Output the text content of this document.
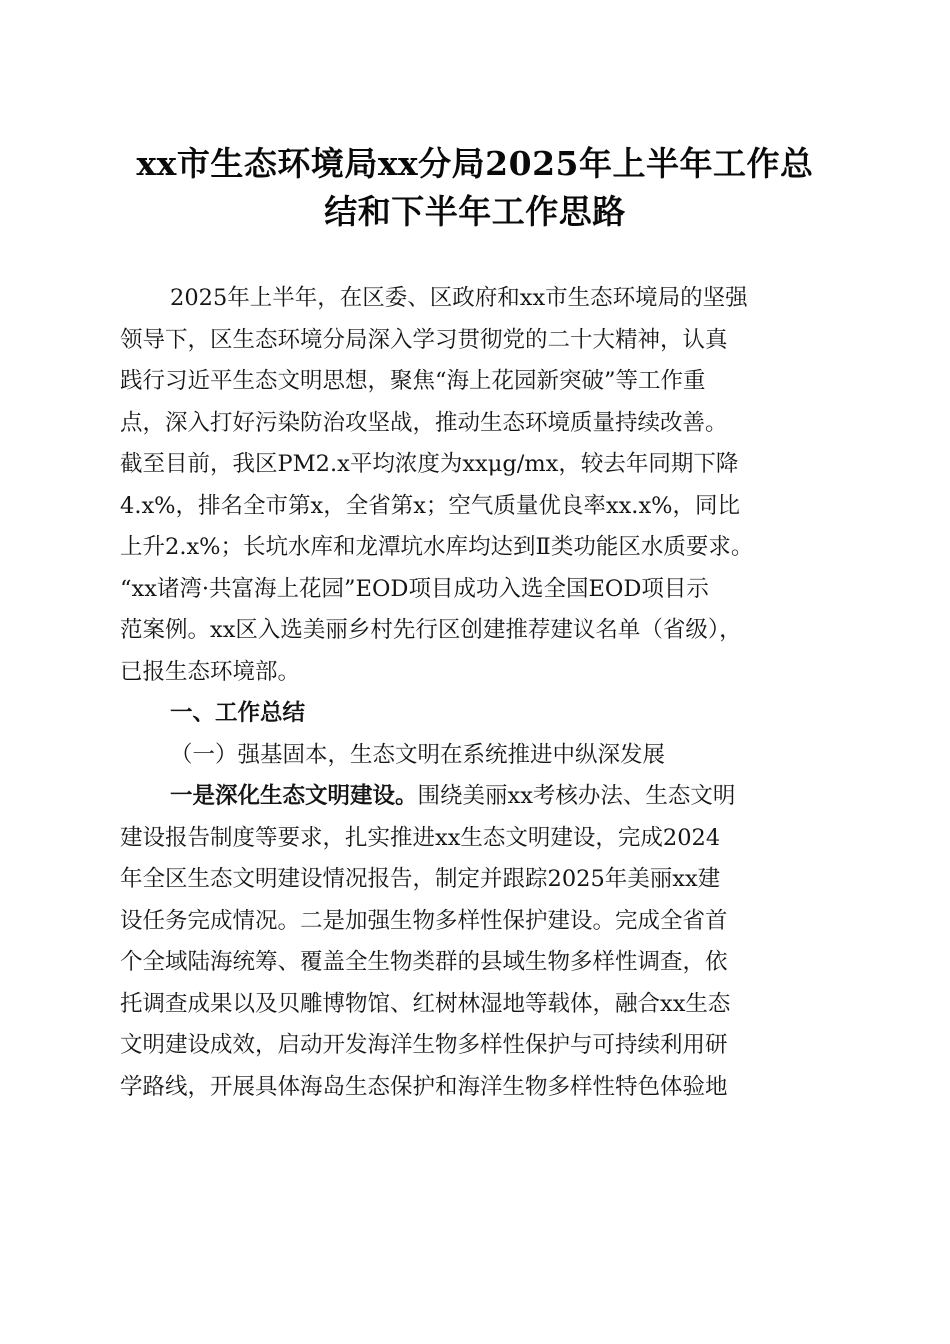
xx市生态环境局xx分局2025年上半年工作总
结和下半年工作思路
2025年上半年，在区委、区政府和xx市生态环境局的坚强
领导下，区生态环境分局深入学习贯彻党的二十大精神，认真
践行习近平生态文明思想，聚焦“海上花园新突破”等工作重
点，深入打好污染防治攻坚战，推动生态环境质量持续改善。
截至目前，我区PM2.x平均浓度为xxμg/mx，较去年同期下降
4.x%，排名全市第x，全省第x；空气质量优良率xx.x%，同比
上升2.x%；长坑水库和龙潭坑水库均达到Ⅱ类功能区水质要求。
“xx诸湾·共富海上花园”EOD项目成功入选全国EOD项目示
范案例。xx区入选美丽乡村先行区创建推荐建议名单（省级），
已报生态环境部。
一、工作总结
（一）强基固本，生态文明在系统推进中纵深发展
一是深化生态文明建设。围绕美丽xx考核办法、生态文明
建设报告制度等要求，扎实推进xx生态文明建设，完成2024
年全区生态文明建设情况报告，制定并跟踪2025年美丽xx建
设任务完成情况。二是加强生物多样性保护建设。完成全省首
个全域陆海统筹、覆盖全生物类群的县域生物多样性调查，依
托调查成果以及贝雕博物馆、红树林湿地等载体，融合xx生态
文明建设成效，启动开发海洋生物多样性保护与可持续利用研
学路线，开展具体海岛生态保护和海洋生物多样性特色体验地
